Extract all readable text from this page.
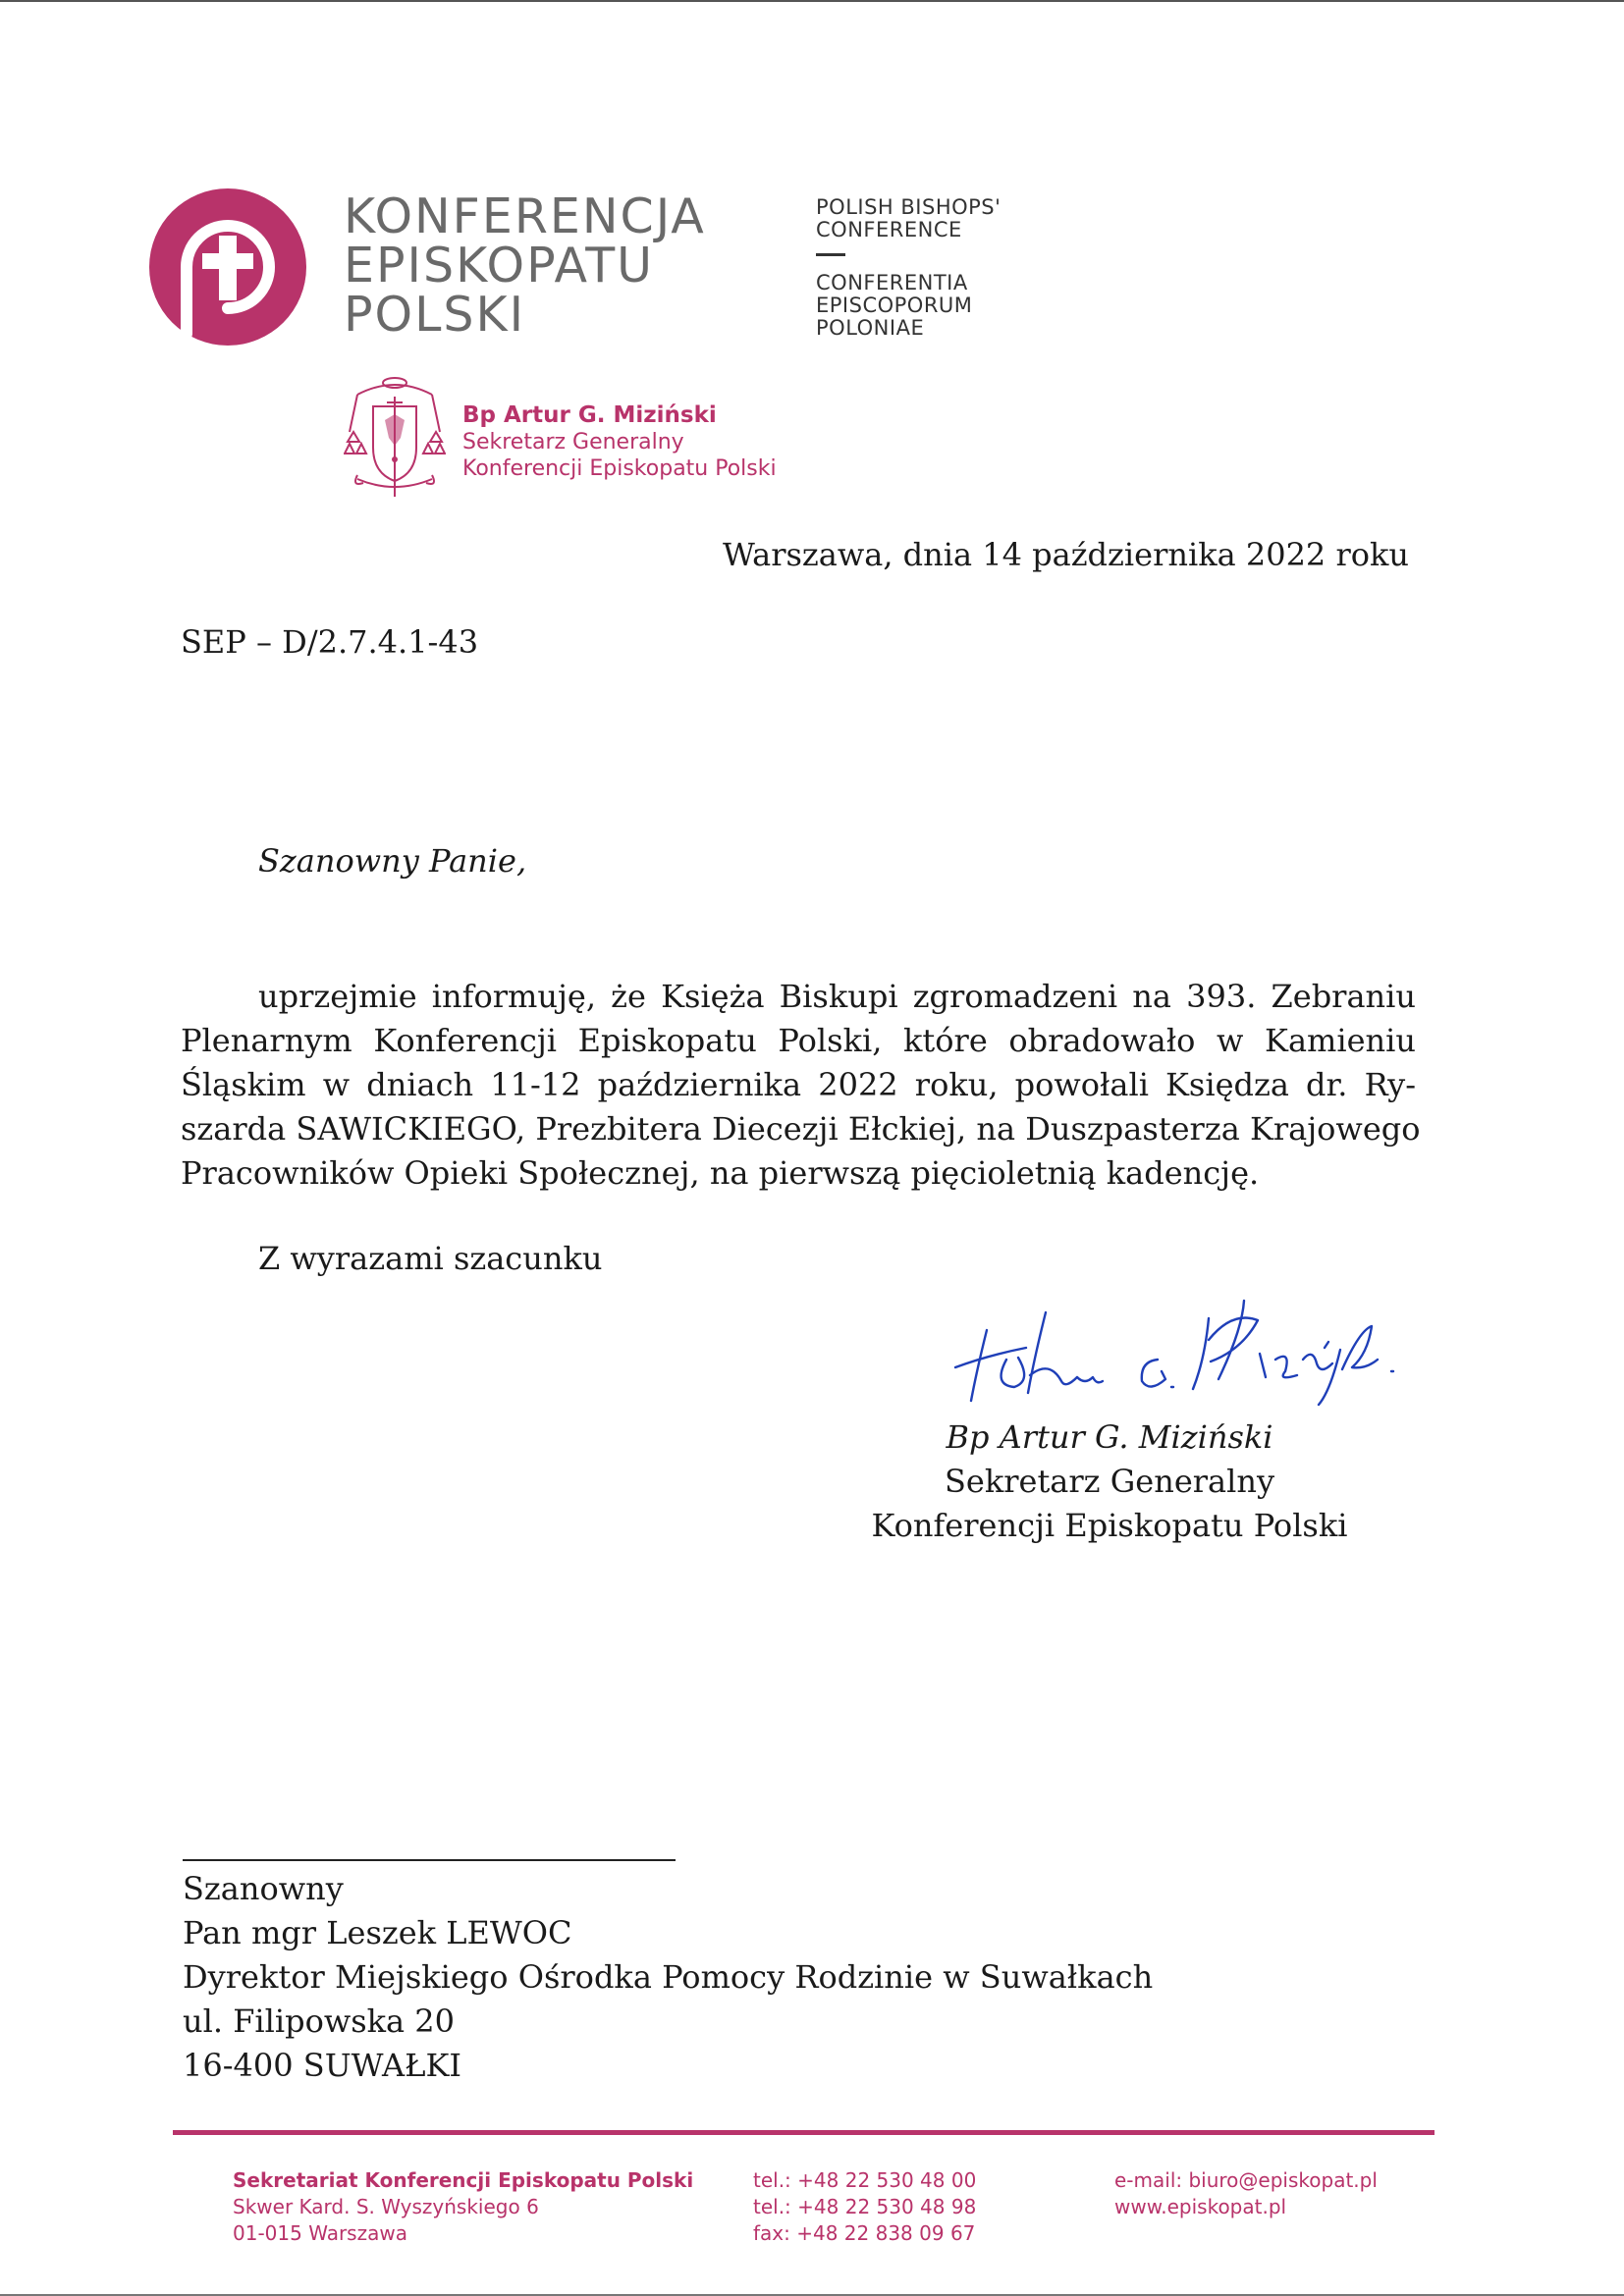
KONFERENCJA
EPISKOPATU
POLSKI
POLISH BISHOPS'
CONFERENCE
CONFERENTIA
EPISCOPORUM
POLONIAE
Bp Artur G. Miziński
Sekretarz Generalny
Konferencji Episkopatu Polski
Warszawa, dnia 14 października 2022 roku
SEP – D/2.7.4.1-43
Szanowny Panie,
uprzejmie informuję, że Księża Biskupi zgromadzeni na 393. Zebraniu
Plenarnym Konferencji Episkopatu Polski, które obradowało w Kamieniu
Śląskim w dniach 11-12 października 2022 roku, powołali Księdza dr. Ry-
szarda SAWICKIEGO, Prezbitera Diecezji Ełckiej, na Duszpasterza Krajowego
Pracowników Opieki Społecznej, na pierwszą pięcioletnią kadencję.
Z wyrazami szacunku
Bp Artur G. Miziński
Sekretarz Generalny
Konferencji Episkopatu Polski
Szanowny
Pan mgr Leszek LEWOC
Dyrektor Miejskiego Ośrodka Pomocy Rodzinie w Suwałkach
ul. Filipowska 20
16-400 SUWAŁKI
Sekretariat Konferencji Episkopatu Polski
Skwer Kard. S. Wyszyńskiego 6
01-015 Warszawa
tel.: +48 22 530 48 00
tel.: +48 22 530 48 98
fax: +48 22 838 09 67
e-mail: biuro@episkopat.pl
www.episkopat.pl
